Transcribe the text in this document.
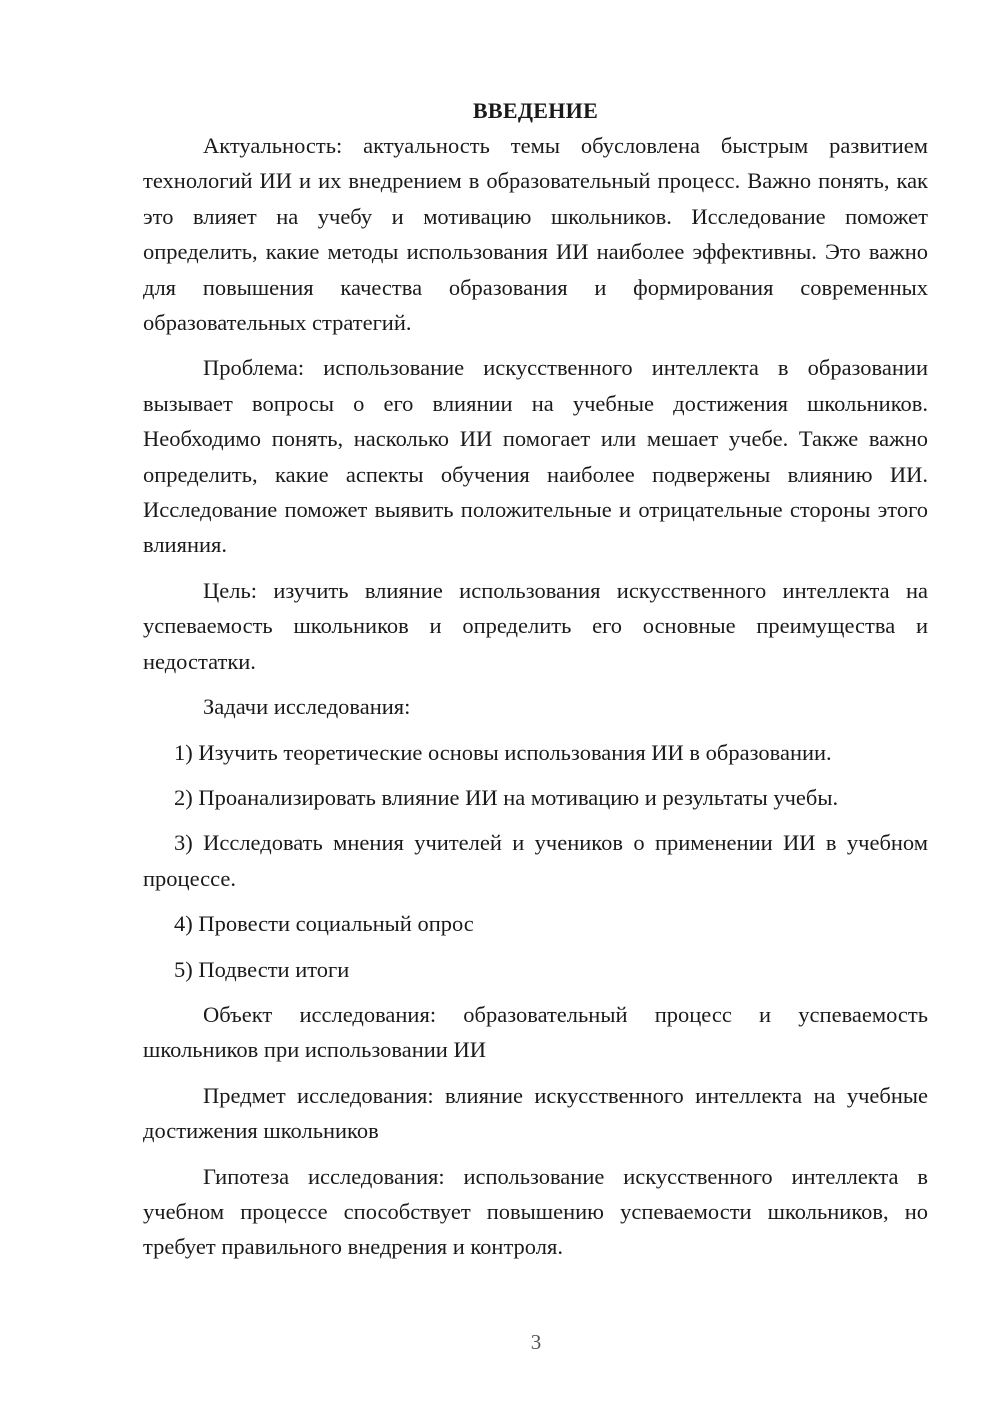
ВВЕДЕНИЕ

Актуальность: актуальность темы обусловлена быстрым развитием технологий ИИ и их внедрением в образовательный процесс. Важно понять, как это влияет на учебу и мотивацию школьников. Исследование поможет определить, какие методы использования ИИ наиболее эффективны. Это важно для повышения качества образования и формирования современных образовательных стратегий.

Проблема: использование искусственного интеллекта в образовании вызывает вопросы о его влиянии на учебные достижения школьников. Необходимо понять, насколько ИИ помогает или мешает учебе. Также важно определить, какие аспекты обучения наиболее подвержены влиянию ИИ. Исследование поможет выявить положительные и отрицательные стороны этого влияния.

Цель: изучить влияние использования искусственного интеллекта на успеваемость школьников и определить его основные преимущества и недостатки.

Задачи исследования:

1) Изучить теоретические основы использования ИИ в образовании.

2) Проанализировать влияние ИИ на мотивацию и результаты учебы.

3) Исследовать мнения учителей и учеников о применении ИИ в учебном процессе.

4) Провести социальный опрос

5) Подвести итоги

Объект исследования: образовательный процесс и успеваемость школьников при использовании ИИ

Предмет исследования: влияние искусственного интеллекта на учебные достижения школьников

Гипотеза исследования: использование искусственного интеллекта в учебном процессе способствует повышению успеваемости школьников, но требует правильного внедрения и контроля.

3
